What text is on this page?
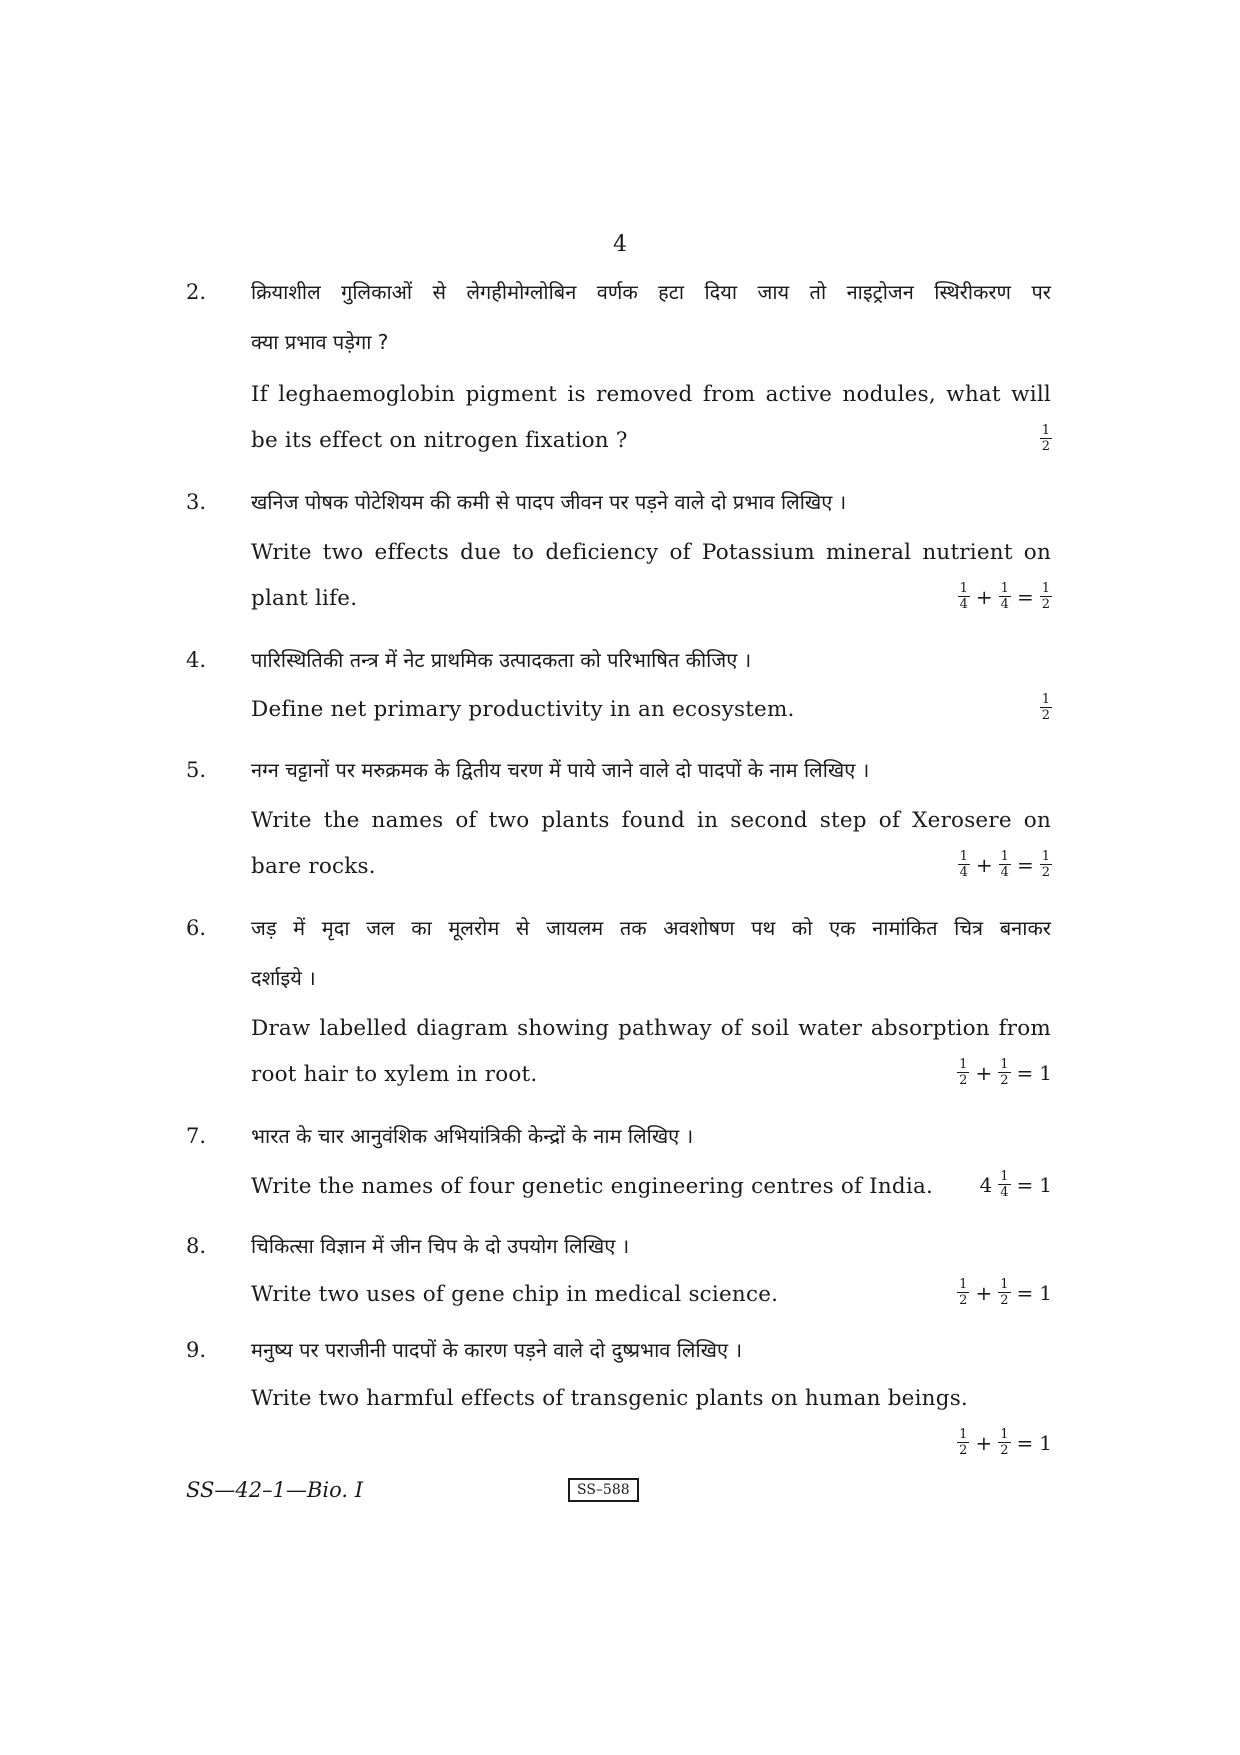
4
2. क्रियाशील गुलिकाओं से लेगहीमोग्लोबिन वर्णक हटा दिया जाय तो नाइट्रोजन स्थिरीकरण पर
क्या प्रभाव पड़ेगा ?
If leghaemoglobin pigment is removed from active nodules, what will
be its effect on nitrogen fixation ?	$\frac{1}{2}$
3. खनिज पोषक पोटेशियम की कमी से पादप जीवन पर पड़ने वाले दो प्रभाव लिखिए ।
Write two effects due to deficiency of Potassium mineral nutrient on
plant life.	$\frac{1}{4} + \frac{1}{4} = \frac{1}{2}$
4. पारिस्थितिकी तन्त्र में नेट प्राथमिक उत्पादकता को परिभाषित कीजिए ।
Define net primary productivity in an ecosystem.	$\frac{1}{2}$
5. नग्न चट्टानों पर मरुक्रमक के द्वितीय चरण में पाये जाने वाले दो पादपों के नाम लिखिए ।
Write the names of two plants found in second step of Xerosere on
bare rocks.	$\frac{1}{4} + \frac{1}{4} = \frac{1}{2}$
6. जड़ में मृदा जल का मूलरोम से जायलम तक अवशोषण पथ को एक नामांकित चित्र बनाकर
दर्शाइये ।
Draw labelled diagram showing pathway of soil water absorption from
root hair to xylem in root.	$\frac{1}{2} + \frac{1}{2} = 1$
7. भारत के चार आनुवंशिक अभियांत्रिकी केन्द्रों के नाम लिखिए ।
Write the names of four genetic engineering centres of India.	$4 \frac{1}{4} = 1$
8. चिकित्सा विज्ञान में जीन चिप के दो उपयोग लिखिए ।
Write two uses of gene chip in medical science.	$\frac{1}{2} + \frac{1}{2} = 1$
9. मनुष्य पर पराजीनी पादपों के कारण पड़ने वाले दो दुष्प्रभाव लिखिए ।
Write two harmful effects of transgenic plants on human beings.
$\frac{1}{2} + \frac{1}{2} = 1$
SS—42–1—Bio. I	SS–588
